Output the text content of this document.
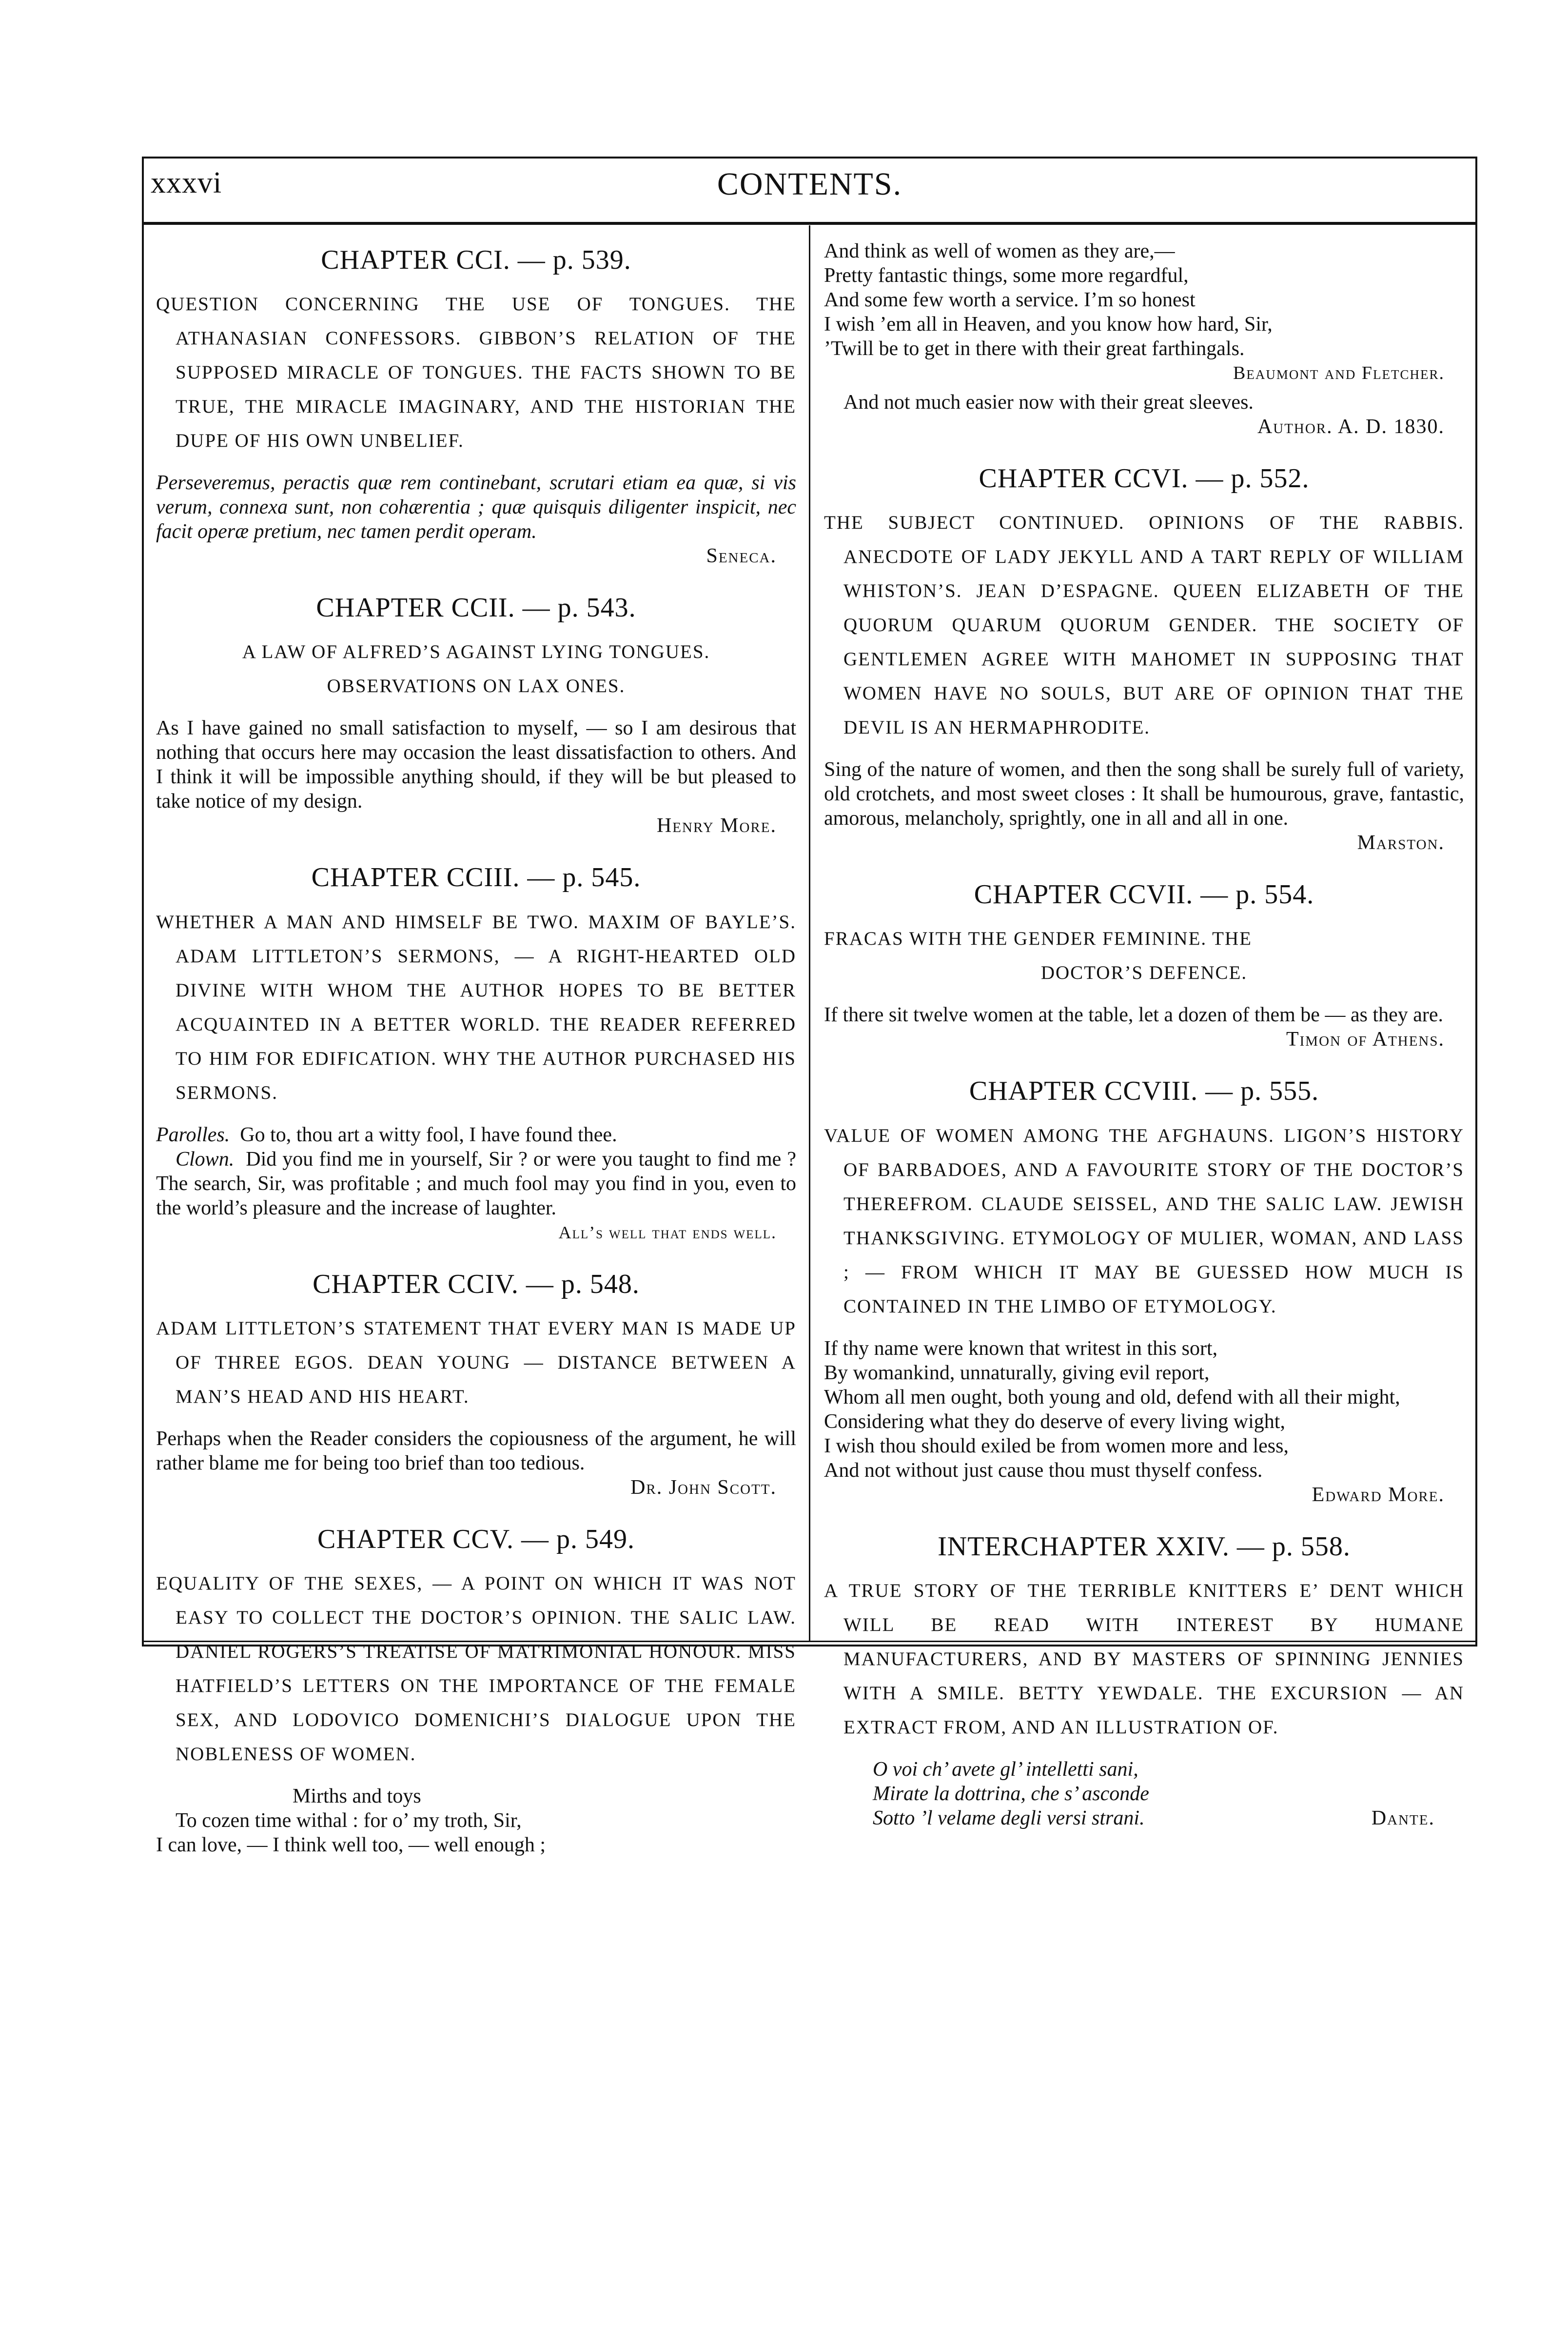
xxxvi	CONTENTS.
CHAPTER CCI. — p. 539.

QUESTION CONCERNING THE USE OF TONGUES. THE ATHANASIAN CONFESSORS. GIBBON’S RELATION OF THE SUPPOSED MIRACLE OF TONGUES. THE FACTS SHOWN TO BE TRUE, THE MIRACLE IMAGINARY, AND THE HISTORIAN THE DUPE OF HIS OWN UNBELIEF.

Perseveremus, peractis quæ rem continebant, scrutari etiam ea quæ, si vis verum, connexa sunt, non cohærentia ; quæ quisquis diligenter inspicit, nec facit operæ pretium, nec tamen perdit operam.

Seneca.
CHAPTER CCII. — p. 543.

A LAW OF ALFRED’S AGAINST LYING TONGUES.

OBSERVATIONS ON LAX ONES.

As I have gained no small satisfaction to myself, — so I am desirous that nothing that occurs here may occasion the least dissatisfaction to others. And I think it will be impossible anything should, if they will be but pleased to take notice of my design.

Henry More.
CHAPTER CCIII. — p. 545.

WHETHER A MAN AND HIMSELF BE TWO. MAXIM OF BAYLE’S. ADAM LITTLETON’S SERMONS, — A RIGHT-HEARTED OLD DIVINE WITH WHOM THE AUTHOR HOPES TO BE BETTER ACQUAINTED IN A BETTER WORLD. THE READER REFERRED TO HIM FOR EDIFICATION. WHY THE AUTHOR PURCHASED HIS SERMONS.

Parolles. Go to, thou art a witty fool, I have found thee.

Clown. Did you find me in yourself, Sir ? or were you taught to find me ? The search, Sir, was profitable ; and much fool may you find in you, even to the world’s pleasure and the increase of laughter.

All’s well that ends well.
CHAPTER CCIV. — p. 548.

ADAM LITTLETON’S STATEMENT THAT EVERY MAN IS MADE UP OF THREE EGOS. DEAN YOUNG — DISTANCE BETWEEN A MAN’S HEAD AND HIS HEART.

Perhaps when the Reader considers the copiousness of the argument, he will rather blame me for being too brief than too tedious.

Dr. John Scott.
CHAPTER CCV. — p. 549.

EQUALITY OF THE SEXES, — A POINT ON WHICH IT WAS NOT EASY TO COLLECT THE DOCTOR’S OPINION. THE SALIC LAW. DANIEL ROGERS’S TREATISE OF MATRIMONIAL HONOUR. MISS HATFIELD’S LETTERS ON THE IMPORTANCE OF THE FEMALE SEX, AND LODOVICO DOMENICHI’S DIALOGUE UPON THE NOBLENESS OF WOMEN.

Mirths and toys

To cozen time withal : for o’ my troth, Sir,

I can love, — I think well too, — well enough ;

And think as well of women as they are,—

Pretty fantastic things, some more regardful,

And some few worth a service. I’m so honest

I wish ’em all in Heaven, and you know how hard, Sir,

’Twill be to get in there with their great farthingals.

Beaumont and Fletcher.

And not much easier now with their great sleeves.

Author. A. D. 1830.
CHAPTER CCVI. — p. 552.

THE SUBJECT CONTINUED. OPINIONS OF THE RABBIS. ANECDOTE OF LADY JEKYLL AND A TART REPLY OF WILLIAM WHISTON’S. JEAN D’ESPAGNE. QUEEN ELIZABETH OF THE QUORUM QUARUM QUORUM GENDER. THE SOCIETY OF GENTLEMEN AGREE WITH MAHOMET IN SUPPOSING THAT WOMEN HAVE NO SOULS, BUT ARE OF OPINION THAT THE DEVIL IS AN HERMAPHRODITE.

Sing of the nature of women, and then the song shall be surely full of variety, old crotchets, and most sweet closes : It shall be humourous, grave, fantastic, amorous, melancholy, sprightly, one in all and all in one.

Marston.
CHAPTER CCVII. — p. 554.

FRACAS WITH THE GENDER FEMININE. THE

DOCTOR’S DEFENCE.

If there sit twelve women at the table, let a dozen of them be — as they are.

Timon of Athens.
CHAPTER CCVIII. — p. 555.

VALUE OF WOMEN AMONG THE AFGHAUNS. LIGON’S HISTORY OF BARBADOES, AND A FAVOURITE STORY OF THE DOCTOR’S THEREFROM. CLAUDE SEISSEL, AND THE SALIC LAW. JEWISH THANKSGIVING. ETYMOLOGY OF MULIER, WOMAN, AND LASS ; — FROM WHICH IT MAY BE GUESSED HOW MUCH IS CONTAINED IN THE LIMBO OF ETYMOLOGY.

If thy name were known that writest in this sort,

By womankind, unnaturally, giving evil report,

Whom all men ought, both young and old, defend with all their might,

Considering what they do deserve of every living wight,

I wish thou should exiled be from women more and less,

And not without just cause thou must thyself confess.

Edward More.
INTERCHAPTER XXIV. — p. 558.

A TRUE STORY OF THE TERRIBLE KNITTERS E’ DENT WHICH WILL BE READ WITH INTEREST BY HUMANE MANUFACTURERS, AND BY MASTERS OF SPINNING JENNIES WITH A SMILE. BETTY YEWDALE. THE EXCURSION — AN EXTRACT FROM, AND AN ILLUSTRATION OF.

O voi ch’ avete gl’ intelletti sani,

Mirate la dottrina, che s’ asconde

Sotto ’l velame degli versi strani.	Dante.
